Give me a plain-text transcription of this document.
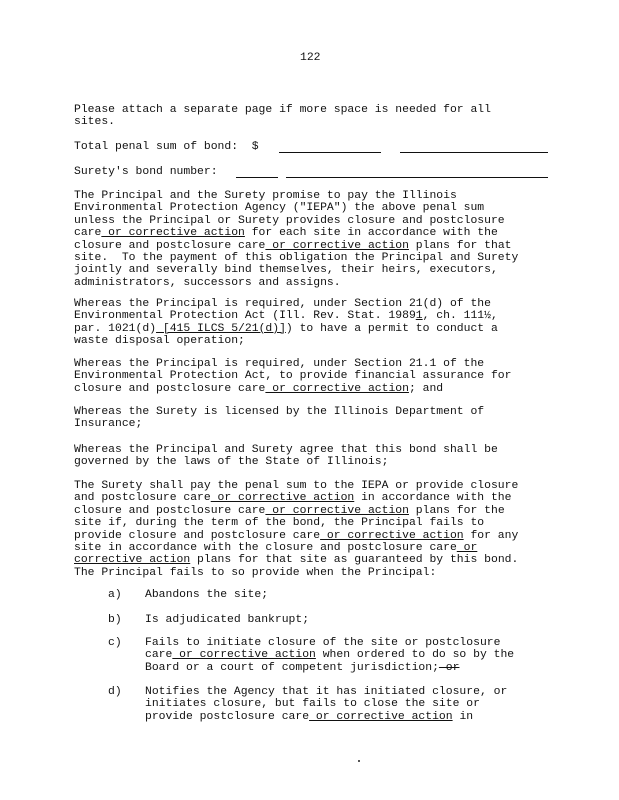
122
Please attach a separate page if more space is needed for all
sites.
Total penal sum of bond: $
Surety's bond number:
The Principal and the Surety promise to pay the Illinois
Environmental Protection Agency ("IEPA") the above penal sum
unless the Principal or Surety provides closure and postclosure
care or corrective action for each site in accordance with the
closure and postclosure care or corrective action plans for that
site.  To the payment of this obligation the Principal and Surety
jointly and severally bind themselves, their heirs, executors,
administrators, successors and assigns.
Whereas the Principal is required, under Section 21(d) of the
Environmental Protection Act (Ill. Rev. Stat. 19891, ch. 111½,
par. 1021(d) [415 ILCS 5/21(d)]) to have a permit to conduct a
waste disposal operation;
Whereas the Principal is required, under Section 21.1 of the
Environmental Protection Act, to provide financial assurance for
closure and postclosure care or corrective action; and
Whereas the Surety is licensed by the Illinois Department of
Insurance;
Whereas the Principal and Surety agree that this bond shall be
governed by the laws of the State of Illinois;
The Surety shall pay the penal sum to the IEPA or provide closure
and postclosure care or corrective action in accordance with the
closure and postclosure care or corrective action plans for the
site if, during the term of the bond, the Principal fails to
provide closure and postclosure care or corrective action for any
site in accordance with the closure and postclosure care or
corrective action plans for that site as guaranteed by this bond.
The Principal fails to so provide when the Principal:
a) Abandons the site;
b) Is adjudicated bankrupt;
c) Fails to initiate closure of the site or postclosure
care or corrective action when ordered to do so by the
Board or a court of competent jurisdiction; or
d) Notifies the Agency that it has initiated closure, or
initiates closure, but fails to close the site or
provide postclosure care or corrective action in
